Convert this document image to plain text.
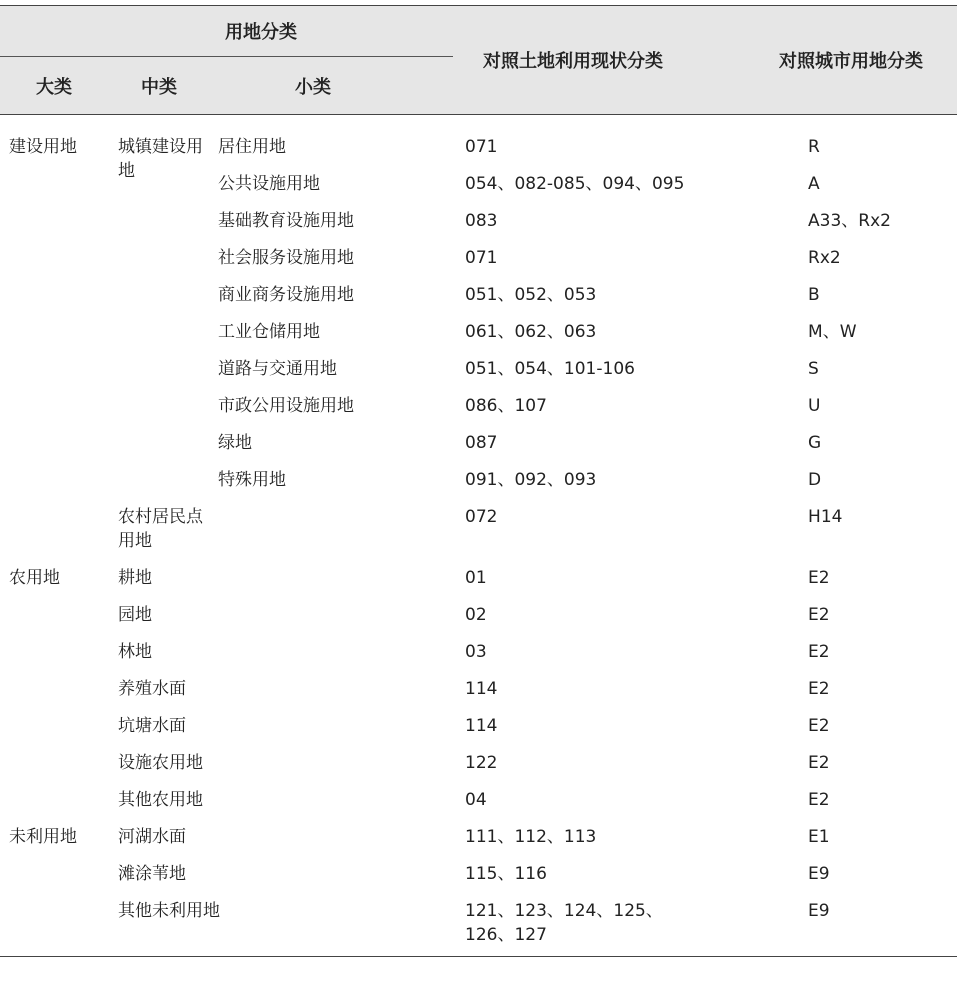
用地分类			对照土地利用现状分类	对照城市用地分类
大类	中类	小类		
建设用地	城镇建设用地	居住用地	071	R
		公共设施用地	054、082-085、094、095	A
		基础教育设施用地	083	A33、Rx2
		社会服务设施用地	071	Rx2
		商业商务设施用地	051、052、053	B
		工业仓储用地	061、062、063	M、W
		道路与交通用地	051、054、101-106	S
		市政公用设施用地	086、107	U
		绿地	087	G
		特殊用地	091、092、093	D
	农村居民点用地		072	H14
农用地	耕地		01	E2
	园地		02	E2
	林地		03	E2
	养殖水面		114	E2
	坑塘水面		114	E2
	设施农用地		122	E2
	其他农用地		04	E2
未利用地	河湖水面		111、112、113	E1
	滩涂苇地		115、116	E9
	其他未利用地		121、123、124、125、126、127	E9
